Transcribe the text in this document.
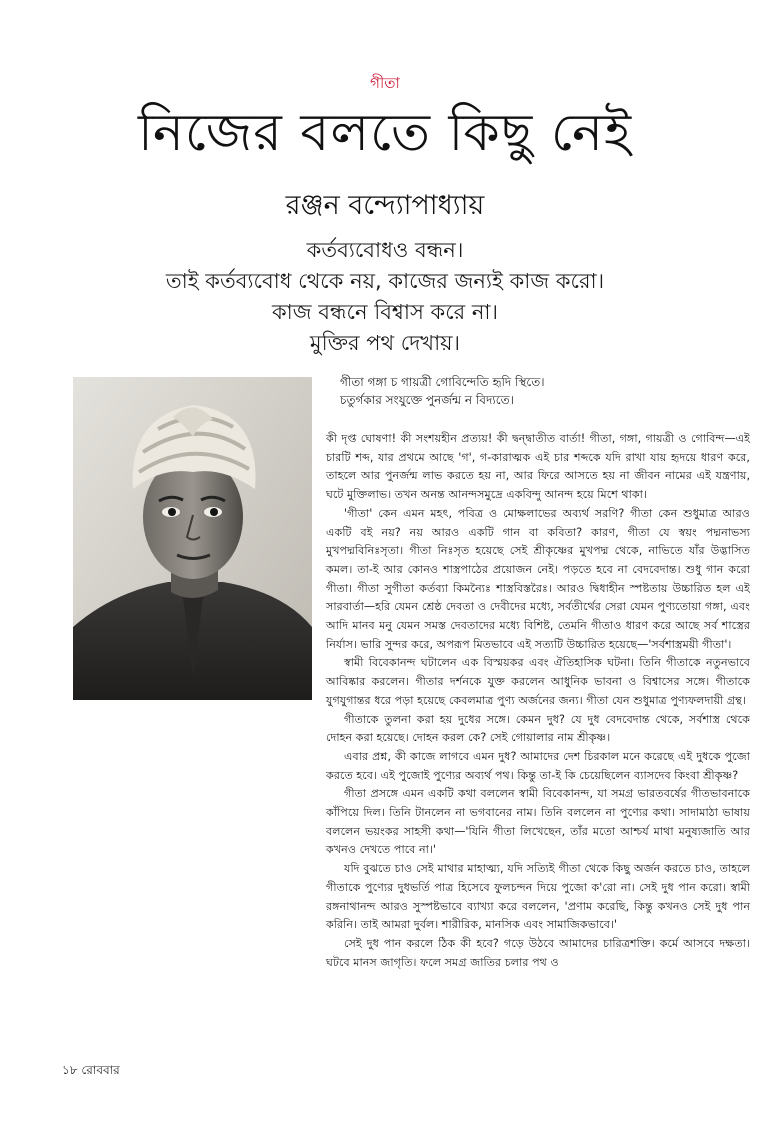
গীতা
নিজের বলতে কিছু নেই
রঞ্জন বন্দ্যোপাধ্যায়
কর্তব্যবোধও বন্ধন।
তাই কর্তব্যবোধ থেকে নয়, কাজের জন্যই কাজ করো।
কাজ বন্ধনে বিশ্বাস করে না।
মুক্তির পথ দেখায়।
গীতা গঙ্গা চ গায়ত্রী গোবিন্দেতি হৃদি স্থিতে।
চতুর্গকার সংযুক্তে পুনর্জন্ম ন বিদ্যতে।

কী দৃপ্ত ঘোষণা! কী সংশয়হীন প্রত্যয়! কী দ্বন্দ্বাতীত বার্তা! গীতা, গঙ্গা, গায়ত্রী ও গোবিন্দ—এই চারটি শব্দ, যার প্রথমে আছে 'গ', গ-কারাত্মক এই চার শব্দকে যদি রাখা যায় হৃদয়ে ধারণ করে, তাহলে আর পুনর্জন্ম লাভ করতে হয় না, আর ফিরে আসতে হয় না জীবন নামের এই যন্ত্রণায়, ঘটে মুক্তিলাভ। তখন অনন্ত আনন্দসমুদ্রে একবিন্দু আনন্দ হয়ে মিশে থাকা।

'গীতা' কেন এমন মহৎ, পবিত্র ও মোক্ষলাভের অব্যর্থ সরণি? গীতা কেন শুধুমাত্র আরও একটি বই নয়? নয় আরও একটি গান বা কবিতা? কারণ, গীতা যে স্বয়ং পদ্মনাভস্য মুখপদ্মবিনিঃসৃতা। গীতা নিঃসৃত হয়েছে সেই শ্রীকৃষ্ণের মুখপদ্ম থেকে, নাভিতে যাঁর উদ্ভাসিত কমল। তা-ই আর কোনও শাস্ত্রপাঠের প্রয়োজন নেই। পড়তে হবে না বেদবেদান্ত। শুধু গান করো গীতা। গীতা সুগীতা কর্তব্যা কিমন্যৈঃ শাস্ত্রবিস্তরৈঃ। আরও দ্বিধাহীন স্পষ্টতায় উচ্চারিত হল এই সারবার্তা—হরি যেমন শ্রেষ্ঠ দেবতা ও দেবীদের মধ্যে, সর্বতীর্থের সেরা যেমন পুণ্যতোয়া গঙ্গা, এবং আদি মানব মনু যেমন সমস্ত দেবতাদের মধ্যে বিশিষ্ট, তেমনি গীতাও ধারণ করে আছে সর্ব শাস্ত্রের নির্যাস। ভারি সুন্দর করে, অপরূপ মিতভাবে এই সত্যটি উচ্চারিত হয়েছে—'সর্বশাস্ত্রময়ী গীতা'।

স্বামী বিবেকানন্দ ঘটালেন এক বিস্ময়কর এবং ঐতিহাসিক ঘটনা। তিনি গীতাকে নতুনভাবে আবিষ্কার করলেন। গীতার দর্শনকে যুক্ত করলেন আধুনিক ভাবনা ও বিশ্বাসের সঙ্গে। গীতাকে যুগযুগান্তর ধরে পড়া হয়েছে কেবলমাত্র পুণ্য অর্জনের জন্য। গীতা যেন শুধুমাত্র পুণ্যফলদায়ী গ্রন্থ।

গীতাকে তুলনা করা হয় দুধের সঙ্গে। কেমন দুধ? যে দুধ বেদবেদান্ত থেকে, সর্বশাস্ত্র থেকে দোহন করা হয়েছে। দোহন করল কে? সেই গোয়ালার নাম শ্রীকৃষ্ণ।

এবার প্রশ্ন, কী কাজে লাগবে এমন দুধ? আমাদের দেশ চিরকাল মনে করেছে এই দুধকে পুজো করতে হবে। এই পুজোই পুণ্যের অব্যর্থ পথ। কিন্তু তা-ই কি চেয়েছিলেন ব্যাসদেব কিংবা শ্রীকৃষ্ণ?

গীতা প্রসঙ্গে এমন একটি কথা বললেন স্বামী বিবেকানন্দ, যা সমগ্র ভারতবর্ষের গীতভাবনাকে কাঁপিয়ে দিল। তিনি টানলেন না ভগবানের নাম। তিনি বললেন না পুণ্যের কথা। সাদামাঠা ভাষায় বললেন ভয়ংকর সাহসী কথা—'যিনি গীতা লিখেছেন, তাঁর মতো আশ্চর্য মাথা মনুষ্যজাতি আর কখনও দেখতে পাবে না।'

যদি বুঝতে চাও সেই মাথার মাহাত্ম্য, যদি সত্যিই গীতা থেকে কিছু অর্জন করতে চাও, তাহলে গীতাকে পুণ্যের দুধভর্তি পাত্র হিসেবে ফুলচন্দন দিয়ে পুজো ক'রো না। সেই দুধ পান করো। স্বামী রঙ্গনাথানন্দ আরও সুস্পষ্টভাবে ব্যাখ্যা করে বললেন, 'প্রণাম করেছি, কিন্তু কখনও সেই দুধ পান করিনি। তাই আমরা দুর্বল। শারীরিক, মানসিক এবং সামাজিকভাবে।'

সেই দুধ পান করলে ঠিক কী হবে? গড়ে উঠবে আমাদের চারিত্রশক্তি। কর্মে আসবে দক্ষতা। ঘটবে মানস জাগৃতি। ফলে সমগ্র জাতির চলার পথ ও

১৮ রোববার
